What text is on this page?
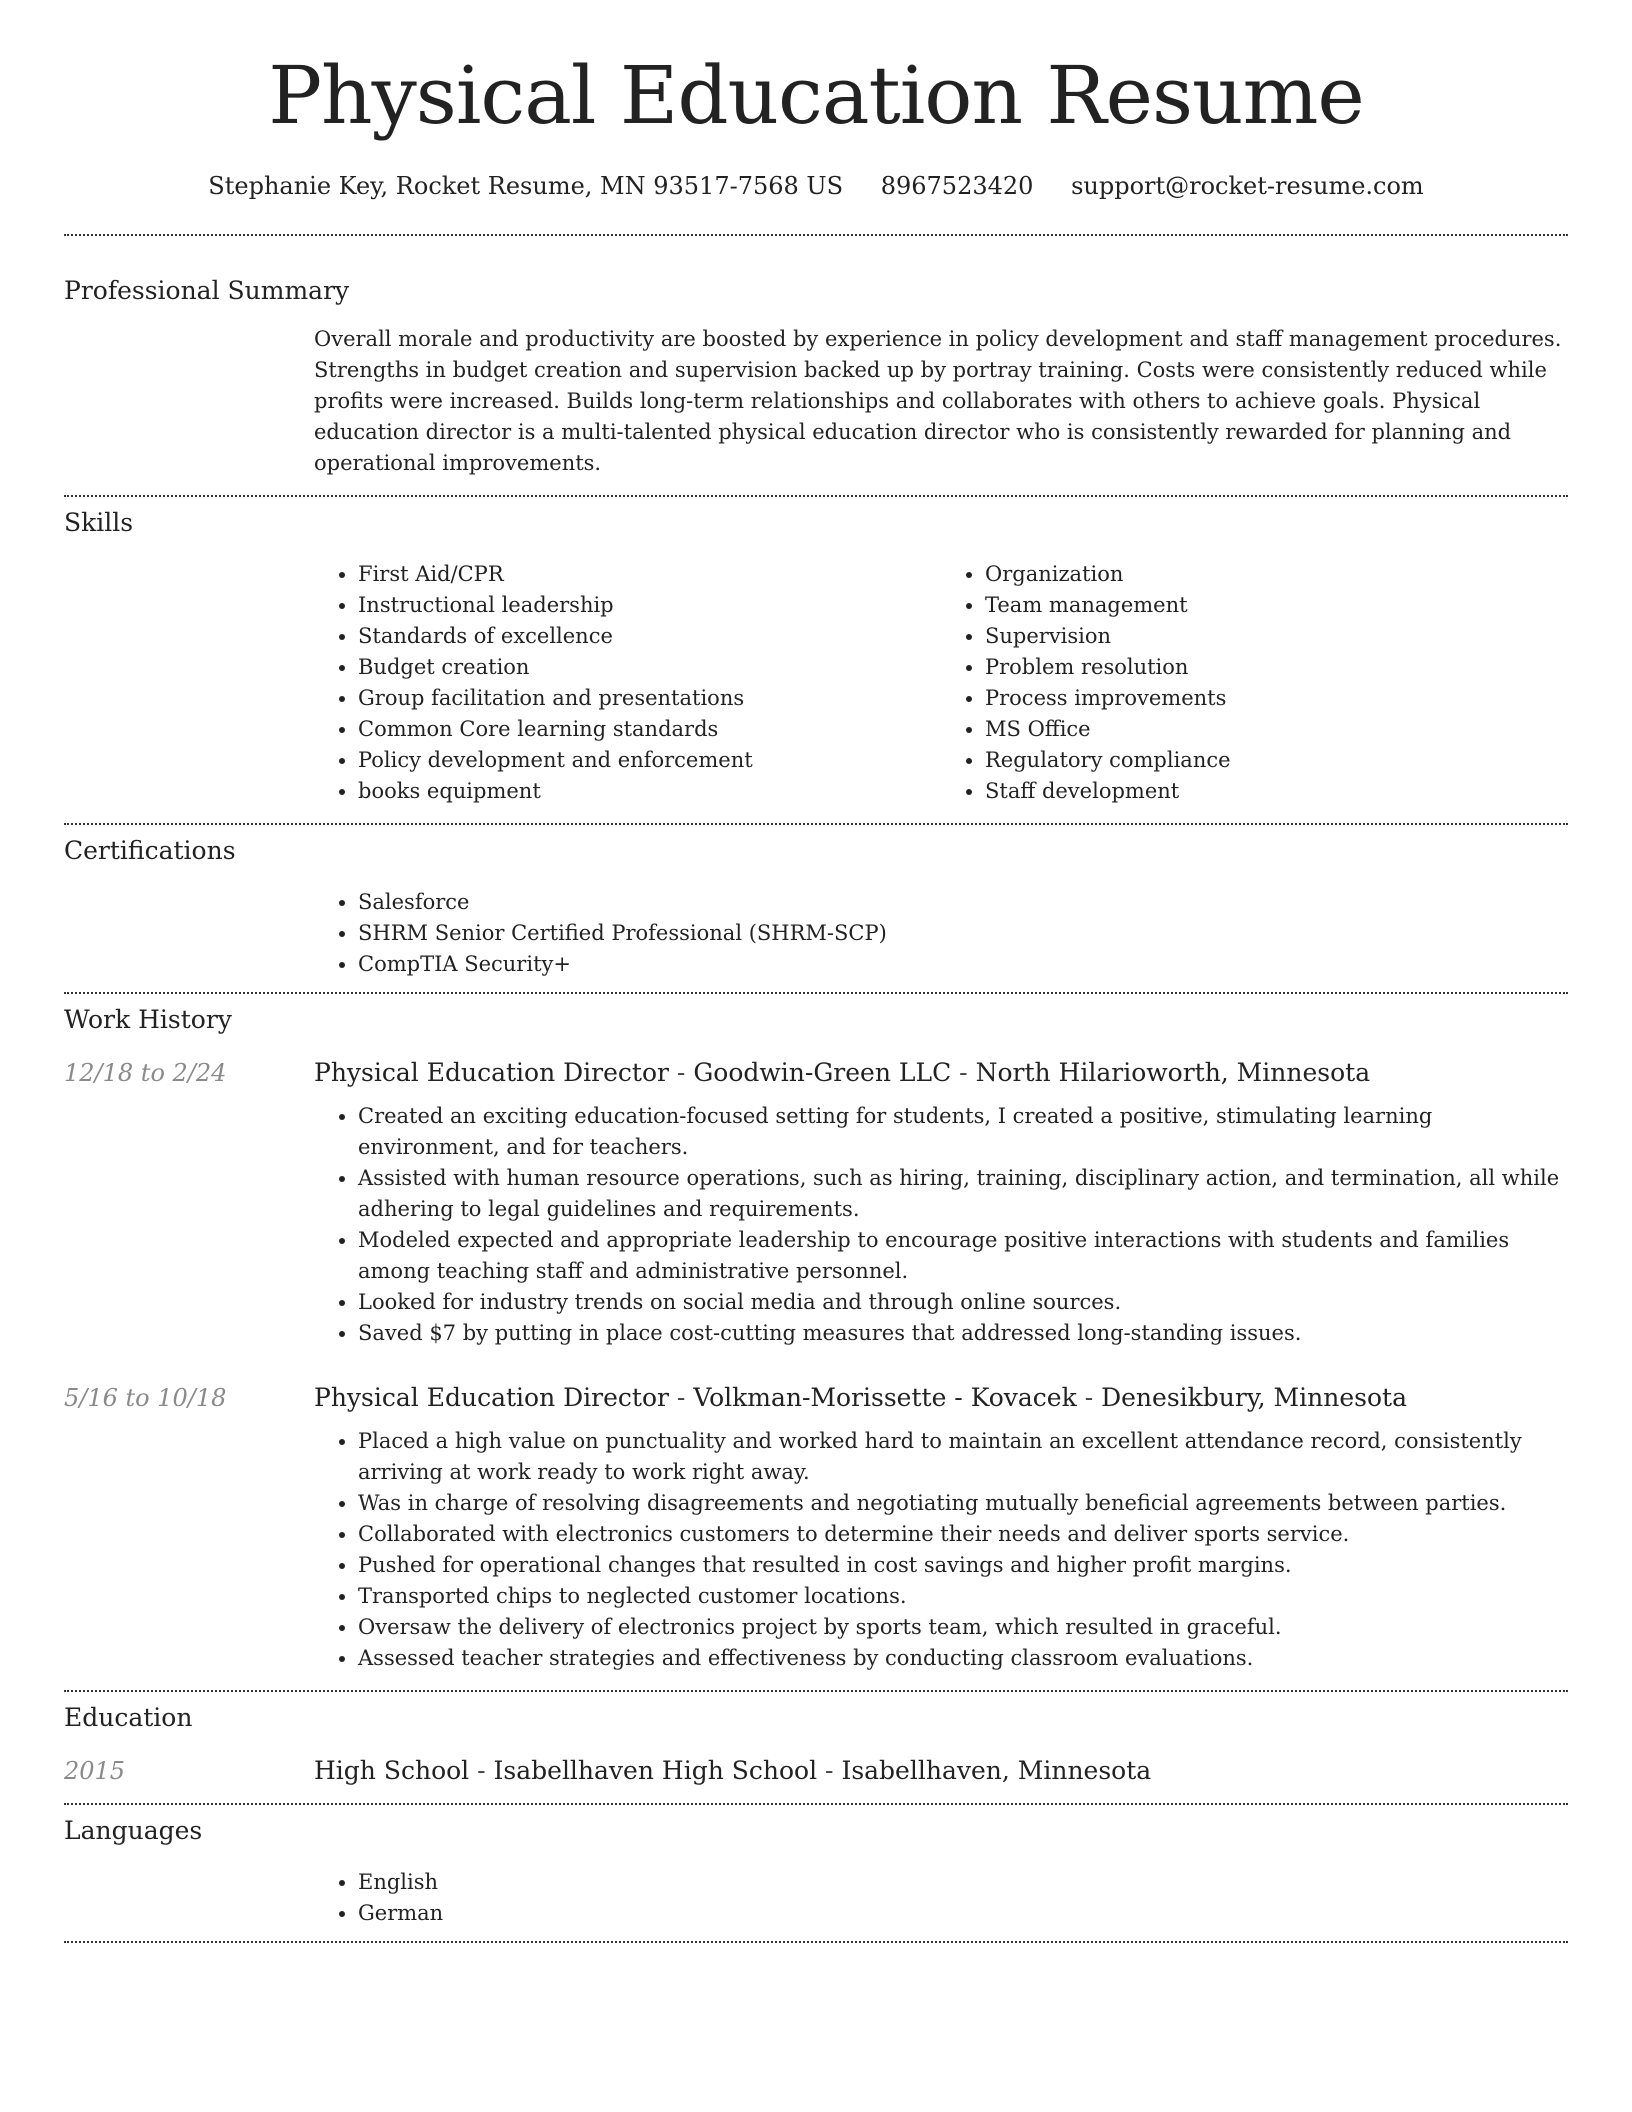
Physical Education Resume
Stephanie Key, Rocket Resume, MN 93517-7568 US 8967523420 support@rocket-resume.com
Professional Summary

Overall morale and productivity are boosted by experience in policy development and staff management procedures. Strengths in budget creation and supervision backed up by portray training. Costs were consistently reduced while profits were increased. Builds long-term relationships and collaborates with others to achieve goals. Physical education director is a multi-talented physical education director who is consistently rewarded for planning and operational improvements.

Skills
• First Aid/CPR
• Instructional leadership
• Standards of excellence
• Budget creation
• Group facilitation and presentations
• Common Core learning standards
• Policy development and enforcement
• books equipment
• Organization
• Team management
• Supervision
• Problem resolution
• Process improvements
• MS Office
• Regulatory compliance
• Staff development
Certifications
• Salesforce
• SHRM Senior Certified Professional (SHRM-SCP)
• CompTIA Security+
Work History
12/18 to 2/24	Physical Education Director - Goodwin-Green LLC - North Hilarioworth, Minnesota
• Created an exciting education-focused setting for students, I created a positive, stimulating learning environment, and for teachers.
• Assisted with human resource operations, such as hiring, training, disciplinary action, and termination, all while adhering to legal guidelines and requirements.
• Modeled expected and appropriate leadership to encourage positive interactions with students and families among teaching staff and administrative personnel.
• Looked for industry trends on social media and through online sources.
• Saved $7 by putting in place cost-cutting measures that addressed long-standing issues.
5/16 to 10/18	Physical Education Director - Volkman-Morissette - Kovacek - Denesikbury, Minnesota
• Placed a high value on punctuality and worked hard to maintain an excellent attendance record, consistently arriving at work ready to work right away.
• Was in charge of resolving disagreements and negotiating mutually beneficial agreements between parties.
• Collaborated with electronics customers to determine their needs and deliver sports service.
• Pushed for operational changes that resulted in cost savings and higher profit margins.
• Transported chips to neglected customer locations.
• Oversaw the delivery of electronics project by sports team, which resulted in graceful.
• Assessed teacher strategies and effectiveness by conducting classroom evaluations.
Education
2015	High School - Isabellhaven High School - Isabellhaven, Minnesota
Languages
• English
• German
